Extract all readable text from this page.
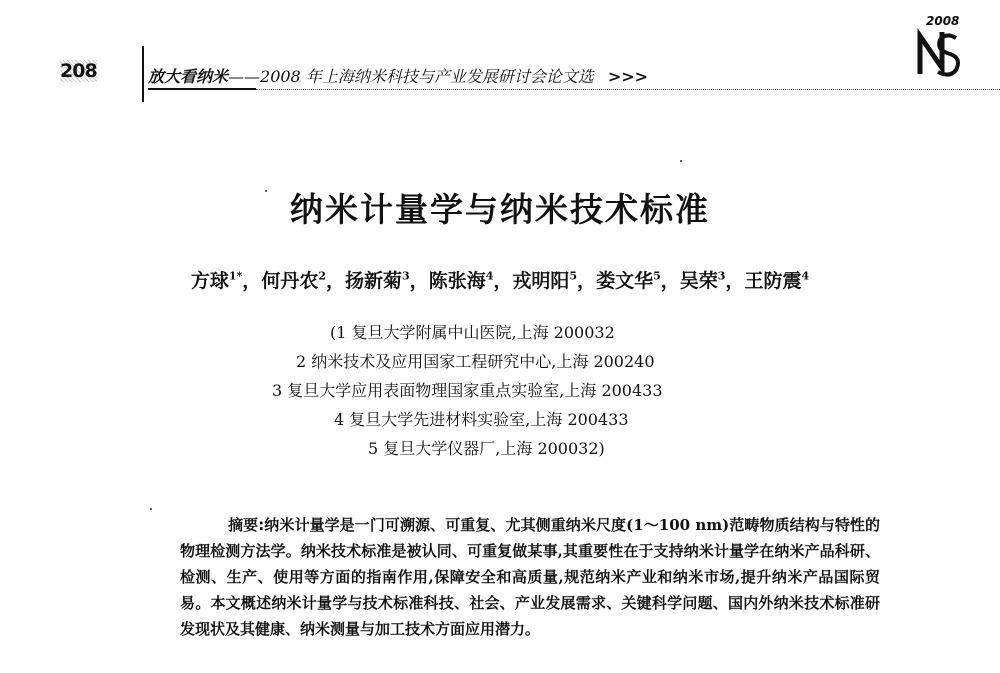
208	放大看纳米——2008 年上海纳米科技与产业发展研讨会论文选 >>>
2008
纳米计量学与纳米技术标准
方球$^{1*}$，何丹农$^2$，扬新菊$^3$，陈张海$^4$，戎明阳$^5$，娄文华$^5$，吴荣$^3$，王防震$^4$
(1 复旦大学附属中山医院,上海 200032
2 纳米技术及应用国家工程研究中心,上海 200240
3 复旦大学应用表面物理国家重点实验室,上海 200433
4 复旦大学先进材料实验室,上海 200433
5 复旦大学仪器厂,上海 200032)
摘要:纳米计量学是一门可溯源、可重复、尤其侧重纳米尺度(1～100 nm)范畴物质结构与特性的物理检测方法学。纳米技术标准是被认同、可重复做某事,其重要性在于支持纳米计量学在纳米产品科研、检测、生产、使用等方面的指南作用,保障安全和高质量,规范纳米产业和纳米市场,提升纳米产品国际贸易。本文概述纳米计量学与技术标准科技、社会、产业发展需求、关键科学问题、国内外纳米技术标准研发现状及其健康、纳米测量与加工技术方面应用潜力。
